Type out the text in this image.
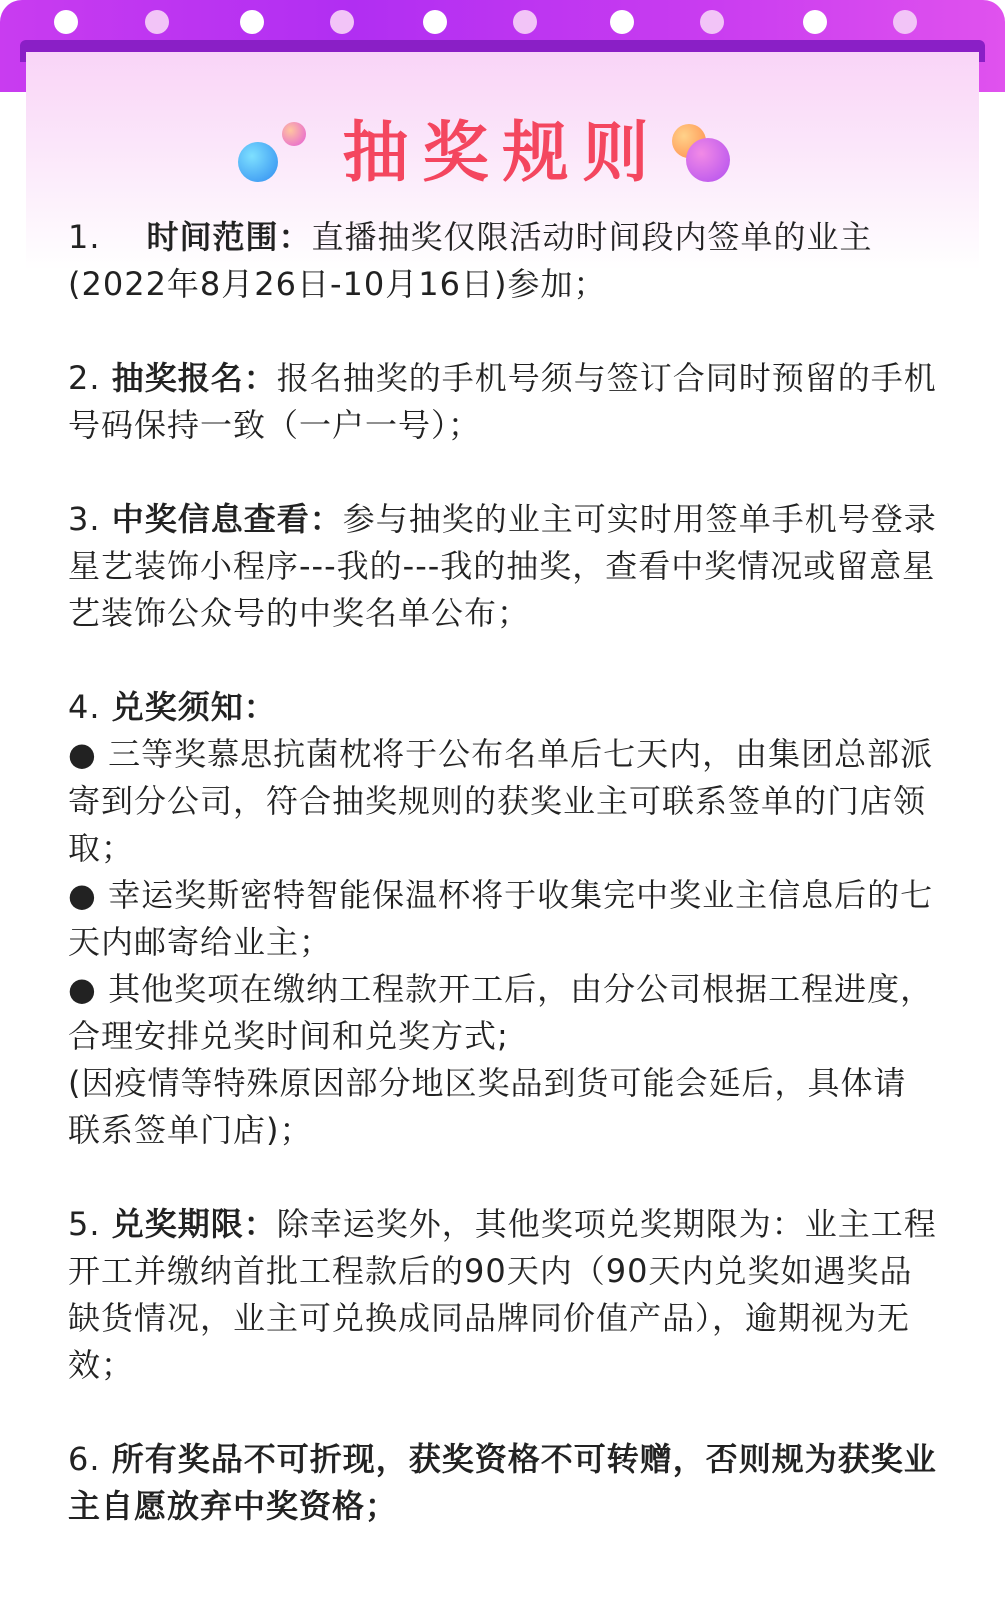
抽奖规则
1. 时间范围：直播抽奖仅限活动时间段内签单的业主(2022年8月26日-10月16日)参加；
2. 抽奖报名：报名抽奖的手机号须与签订合同时预留的手机号码保持一致（一户一号）；
3. 中奖信息查看：参与抽奖的业主可实时用签单手机号登录星艺装饰小程序---我的---我的抽奖，查看中奖情况或留意星艺装饰公众号的中奖名单公布；
4. 兑奖须知：
● 三等奖慕思抗菌枕将于公布名单后七天内，由集团总部派寄到分公司，符合抽奖规则的获奖业主可联系签单的门店领取；
● 幸运奖斯密特智能保温杯将于收集完中奖业主信息后的七天内邮寄给业主；
● 其他奖项在缴纳工程款开工后，由分公司根据工程进度，合理安排兑奖时间和兑奖方式;
(因疫情等特殊原因部分地区奖品到货可能会延后，具体请联系签单门店)；
5. 兑奖期限：除幸运奖外，其他奖项兑奖期限为：业主工程开工并缴纳首批工程款后的90天内（90天内兑奖如遇奖品缺货情况，业主可兑换成同品牌同价值产品），逾期视为无效；
6. 所有奖品不可折现，获奖资格不可转赠，否则规为获奖业主自愿放弃中奖资格；
